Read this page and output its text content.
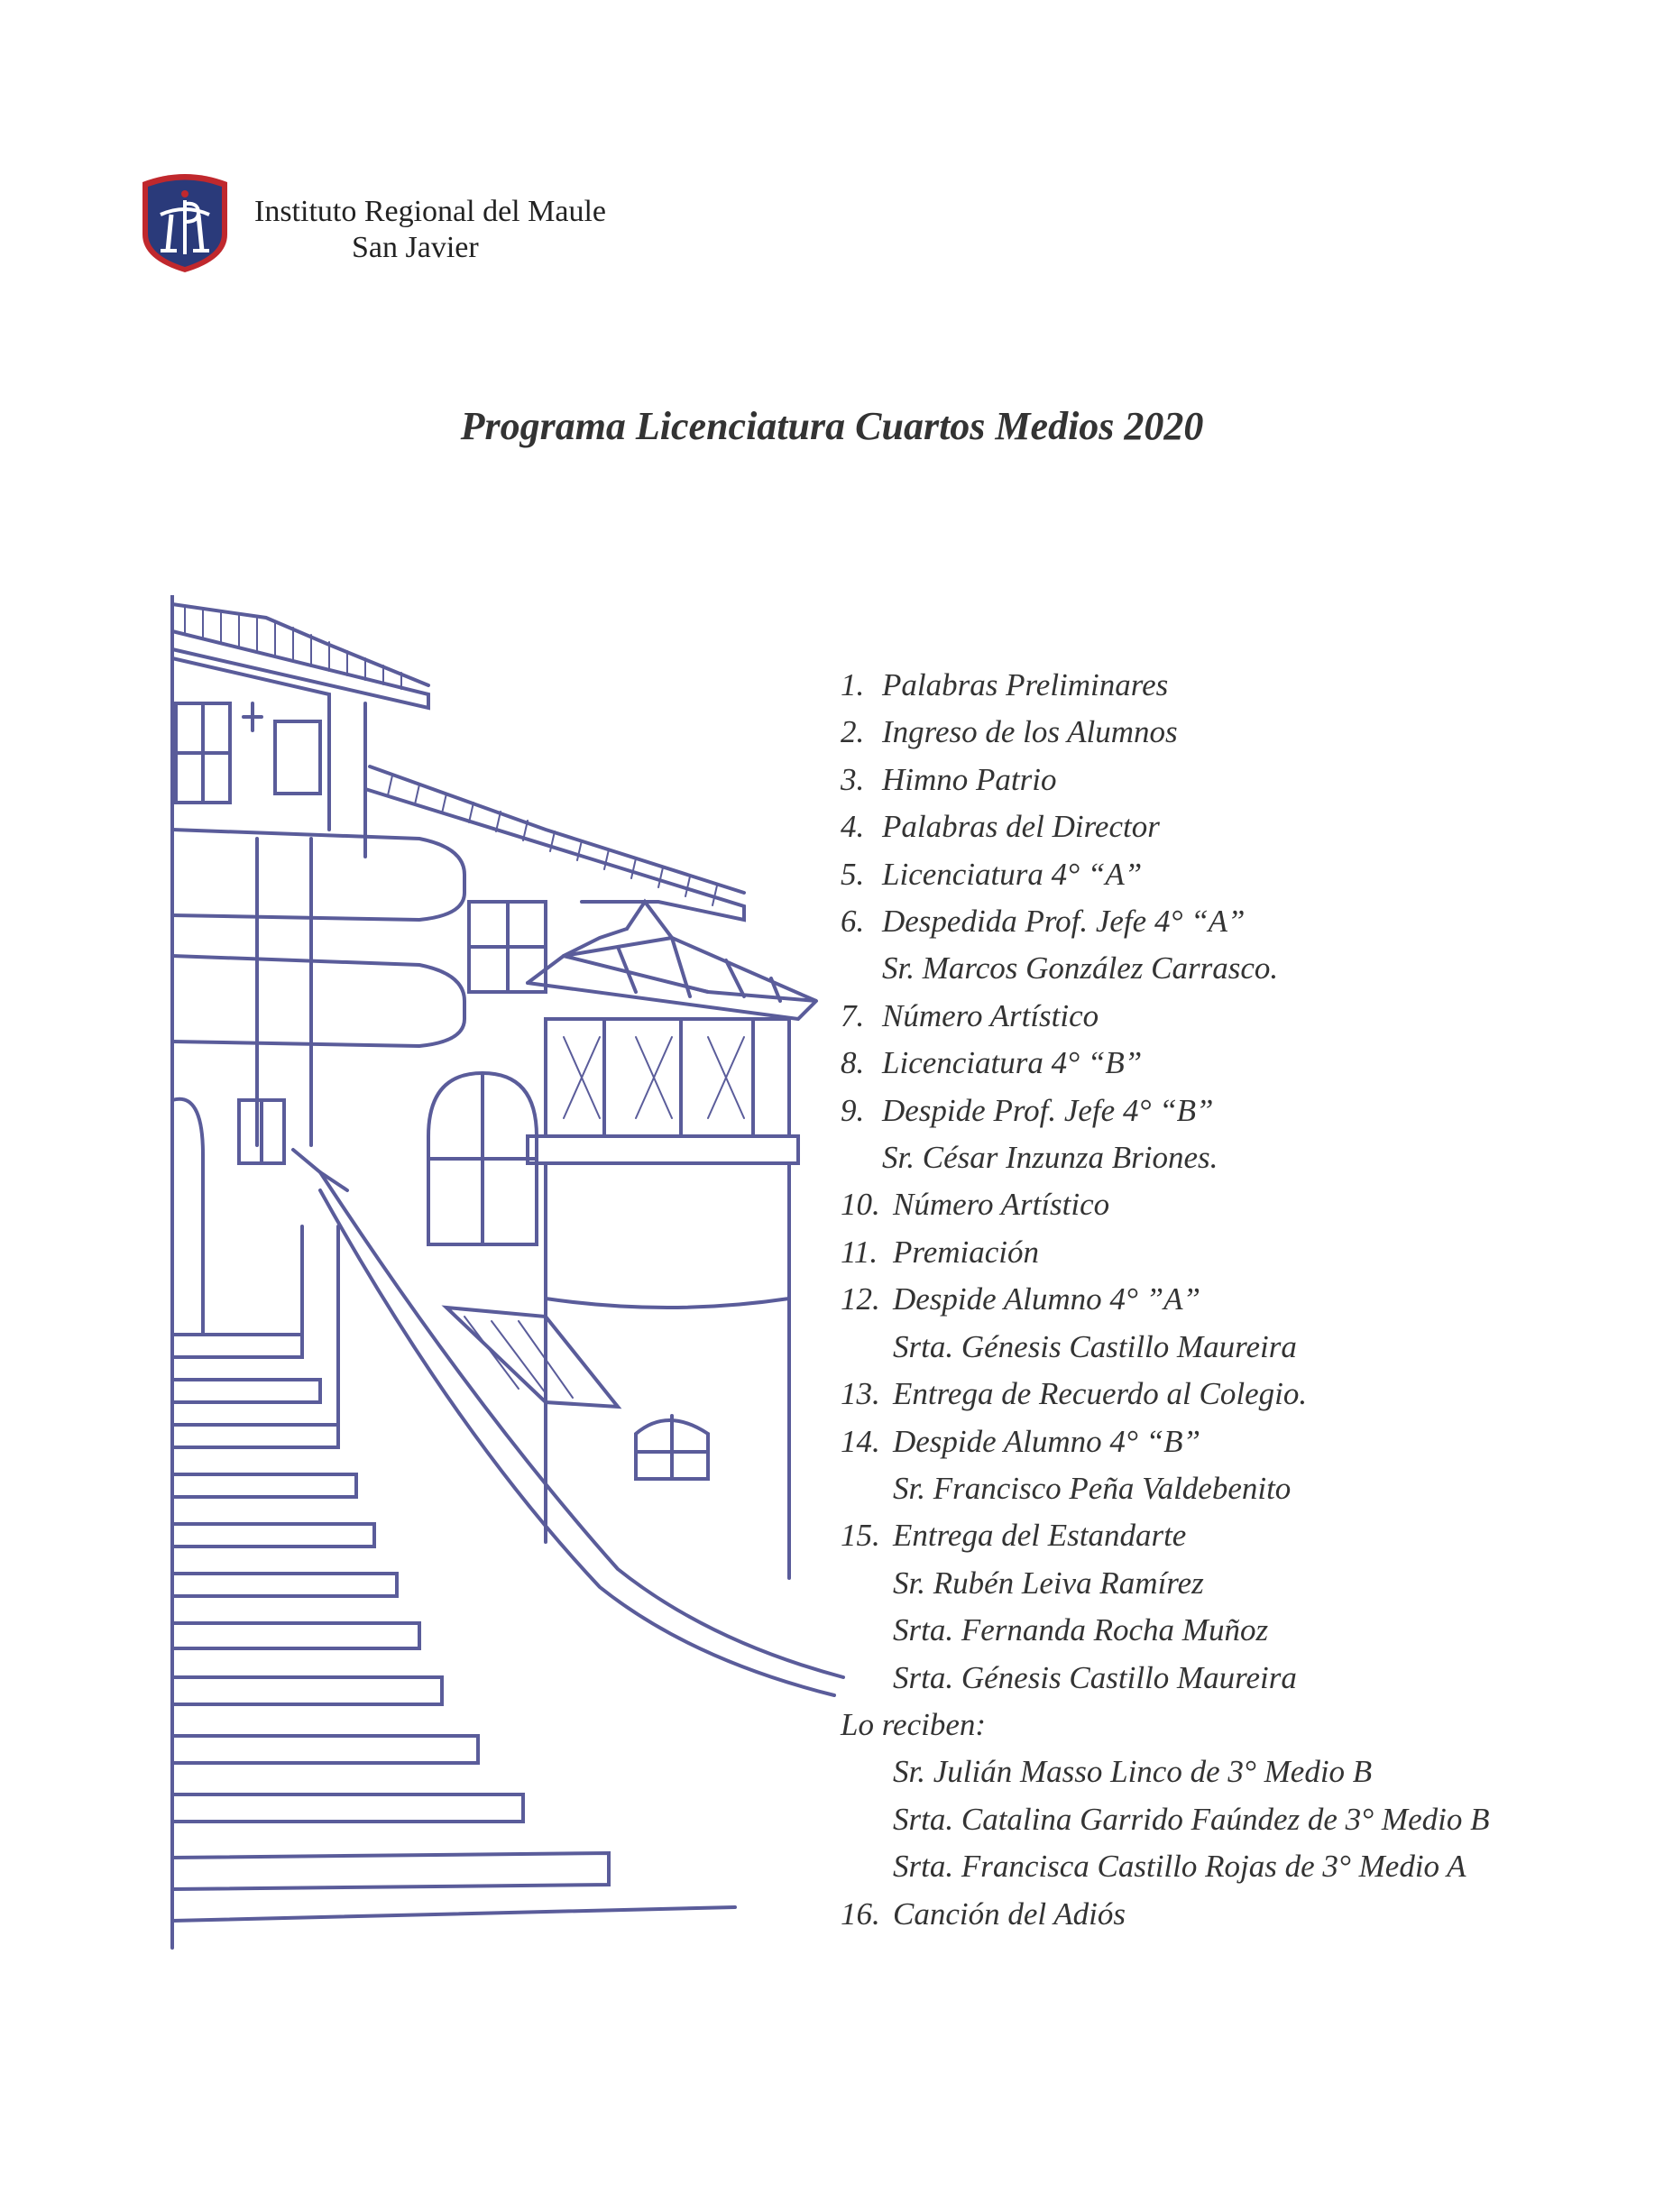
Instituto Regional del Maule
San Javier
Programa Licenciatura Cuartos Medios 2020
1. Palabras Preliminares
2. Ingreso de los Alumnos
3. Himno Patrio
4. Palabras del Director
5. Licenciatura 4° “A”
6. Despedida Prof. Jefe 4° “A”
Sr. Marcos González Carrasco.
7. Número Artístico
8. Licenciatura 4° “B”
9. Despide Prof. Jefe 4° “B”
Sr. César Inzunza Briones.
10. Número Artístico
11. Premiación
12. Despide Alumno 4° ”A”
Srta. Génesis Castillo Maureira
13. Entrega de Recuerdo al Colegio.
14. Despide Alumno 4° “B”
Sr. Francisco Peña Valdebenito
15. Entrega del Estandarte
Sr. Rubén Leiva Ramírez
Srta. Fernanda Rocha Muñoz
Srta. Génesis Castillo Maureira
Lo reciben:
Sr. Julián Masso Linco de 3° Medio B
Srta. Catalina Garrido Faúndez de 3° Medio B
Srta. Francisca Castillo Rojas de 3° Medio A
16. Canción del Adiós
